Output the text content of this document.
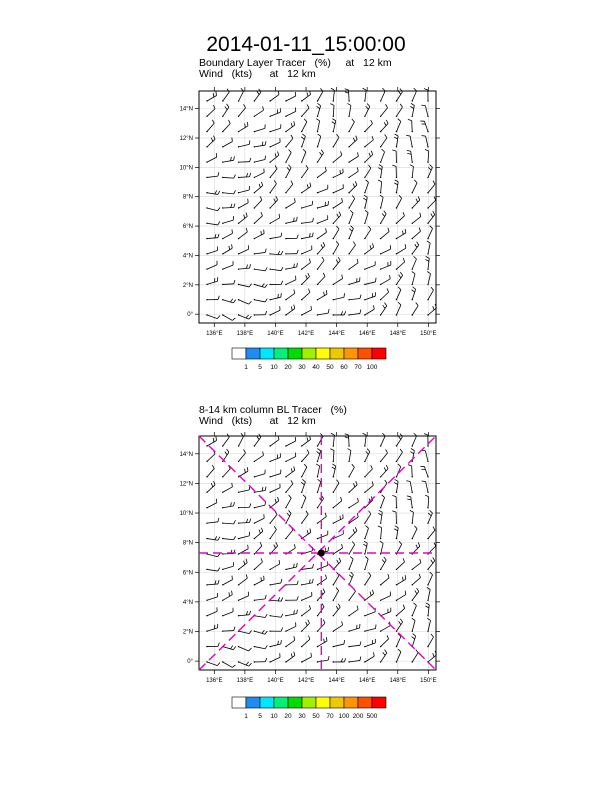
2014-01-11_15:00:00
Boundary Layer Tracer   (%)     at   12 km
Wind   (kts)      at   12 km
8-14 km column BL Tracer   (%)
Wind   (kts)      at   12 km
136°E 138°E 140°E 142°E 144°E 146°E 148°E 150°E
0°
2°N
4°N
6°N
8°N
10°N
12°N
14°N
1 5 10 20 30 40 50 60 70 100
136°E 138°E 140°E 142°E 144°E 146°E 148°E 150°E
0°
2°N
4°N
6°N
8°N
10°N
12°N
14°N
1 5 10 20 30 50 70 100 200 500
